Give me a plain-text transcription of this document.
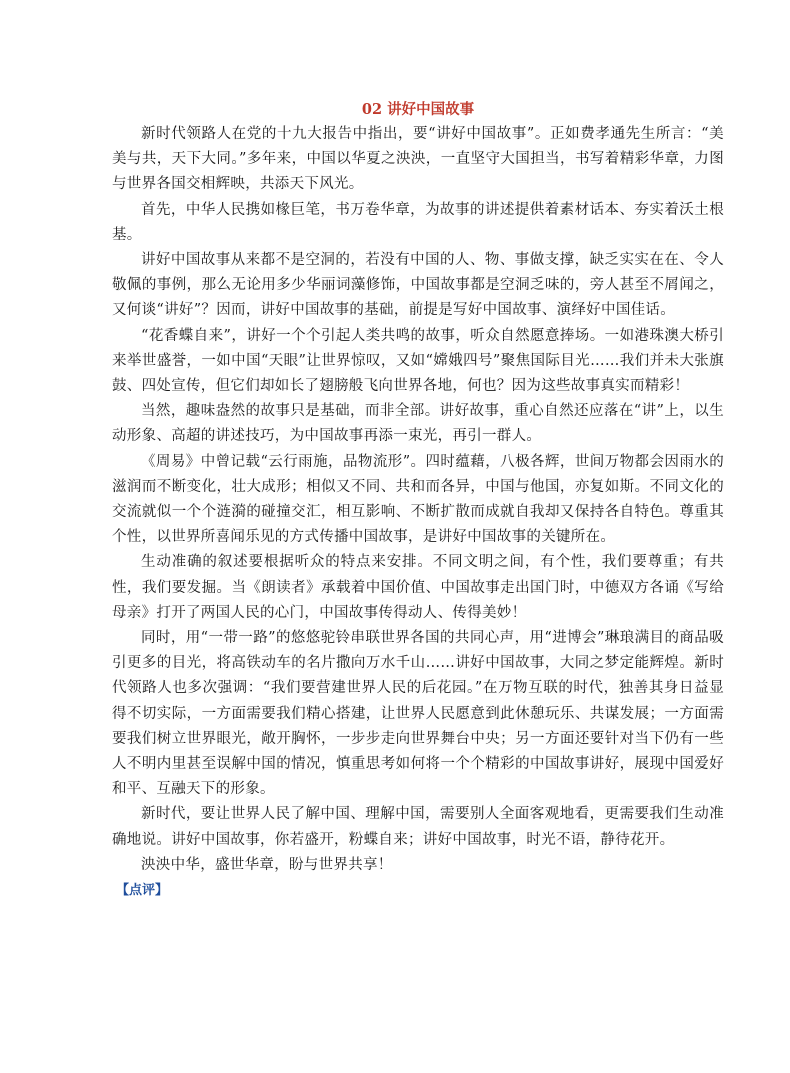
02 讲好中国故事

新时代领路人在党的十九大报告中指出，要“讲好中国故事”。正如费孝通先生所言：“美美与共，天下大同。”多年来，中国以华夏之泱泱，一直坚守大国担当，书写着精彩华章，力图与世界各国交相辉映，共添天下风光。

首先，中华人民携如椽巨笔，书万卷华章，为故事的讲述提供着素材话本、夯实着沃土根基。

讲好中国故事从来都不是空洞的，若没有中国的人、物、事做支撑，缺乏实实在在、令人敬佩的事例，那么无论用多少华丽词藻修饰，中国故事都是空洞乏味的，旁人甚至不屑闻之，又何谈“讲好”？因而，讲好中国故事的基础，前提是写好中国故事、演绎好中国佳话。

“花香蝶自来”，讲好一个个引起人类共鸣的故事，听众自然愿意捧场。一如港珠澳大桥引来举世盛誉，一如中国“天眼”让世界惊叹，又如“嫦娥四号”聚焦国际目光……我们并未大张旗鼓、四处宣传，但它们却如长了翅膀般飞向世界各地，何也？因为这些故事真实而精彩！

当然，趣味盎然的故事只是基础，而非全部。讲好故事，重心自然还应落在“讲”上，以生动形象、高超的讲述技巧，为中国故事再添一束光，再引一群人。

《周易》中曾记载“云行雨施，品物流形”。四时蕴藉，八极各辉，世间万物都会因雨水的滋润而不断变化，壮大成形；相似又不同、共和而各异，中国与他国，亦复如斯。不同文化的交流就似一个个涟漪的碰撞交汇，相互影响、不断扩散而成就自我却又保持各自特色。尊重其个性，以世界所喜闻乐见的方式传播中国故事，是讲好中国故事的关键所在。

生动准确的叙述要根据听众的特点来安排。不同文明之间，有个性，我们要尊重；有共性，我们要发掘。当《朗读者》承载着中国价值、中国故事走出国门时，中德双方各诵《写给母亲》打开了两国人民的心门，中国故事传得动人、传得美妙！

同时，用“一带一路”的悠悠驼铃串联世界各国的共同心声，用“进博会”琳琅满目的商品吸引更多的目光，将高铁动车的名片撒向万水千山……讲好中国故事，大同之梦定能辉煌。新时代领路人也多次强调：“我们要营建世界人民的后花园。”在万物互联的时代，独善其身日益显得不切实际，一方面需要我们精心搭建，让世界人民愿意到此休憩玩乐、共谋发展；一方面需要我们树立世界眼光，敞开胸怀，一步步走向世界舞台中央；另一方面还要针对当下仍有一些人不明内里甚至误解中国的情况，慎重思考如何将一个个精彩的中国故事讲好，展现中国爱好和平、互融天下的形象。

新时代，要让世界人民了解中国、理解中国，需要别人全面客观地看，更需要我们生动准确地说。讲好中国故事，你若盛开，粉蝶自来；讲好中国故事，时光不语，静待花开。

泱泱中华，盛世华章，盼与世界共享！

【点评】
